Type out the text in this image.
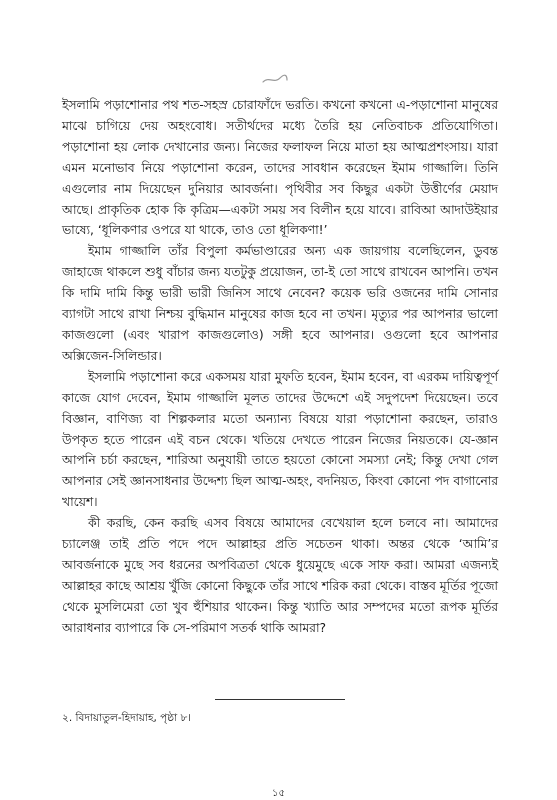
ইসলামি পড়াশোনার পথ শত-সহস্র চোরাফাঁদে ভরতি। কখনো কখনো এ-পড়াশোনা মানুষের মাঝে চাগিয়ে দেয় অহংবোধ। সতীর্থদের মধ্যে তৈরি হয় নেতিবাচক প্রতিযোগিতা। পড়াশোনা হয় লোক দেখানোর জন্য। নিজের ফলাফল নিয়ে মাতা হয় আত্মপ্রশংসায়। যারা এমন মনোভাব নিয়ে পড়াশোনা করেন, তাদের সাবধান করেছেন ইমাম গাজ্জালি। তিনি এগুলোর নাম দিয়েছেন দুনিয়ার আবর্জনা। পৃথিবীর সব কিছুর একটা উত্তীর্ণের মেয়াদ আছে। প্রাকৃতিক হোক কি কৃত্রিম—একটা সময় সব বিলীন হয়ে যাবে। রাবিআ আদাউইয়ার ভাষ্যে, ‘ধূলিকণার ওপরে যা থাকে, তাও তো ধূলিকণা!’

ইমাম গাজ্জালি তাঁর বিপুলা কর্মভাণ্ডারের অন্য এক জায়গায় বলেছিলেন, ডুবন্ত জাহাজে থাকলে শুধু বাঁচার জন্য যতটুকু প্রয়োজন, তা-ই তো সাথে রাখবেন আপনি। তখন কি দামি দামি কিন্তু ভারী ভারী জিনিস সাথে নেবেন? কয়েক ভরি ওজনের দামি সোনার ব্যাগটা সাথে রাখা নিশ্চয় বুদ্ধিমান মানুষের কাজ হবে না তখন। মৃত্যুর পর আপনার ভালো কাজগুলো (এবং খারাপ কাজগুলোও) সঙ্গী হবে আপনার। ওগুলো হবে আপনার অক্সিজেন-সিলিন্ডার।

ইসলামি পড়াশোনা করে একসময় যারা মুফতি হবেন, ইমাম হবেন, বা এরকম দায়িত্বপূর্ণ কাজে যোগ দেবেন, ইমাম গাজ্জালি মূলত তাদের উদ্দেশে এই সদুপদেশ দিয়েছেন। তবে বিজ্ঞান, বাণিজ্য বা শিল্পকলার মতো অন্যান্য বিষয়ে যারা পড়াশোনা করছেন, তারাও উপকৃত হতে পারেন এই বচন থেকে। খতিয়ে দেখতে পারেন নিজের নিয়তকে। যে-জ্ঞান আপনি চর্চা করছেন, শারিআ অনুযায়ী তাতে হয়তো কোনো সমস্যা নেই; কিন্তু দেখা গেল আপনার সেই জ্ঞানসাধনার উদ্দেশ্য ছিল আত্ম-অহং, বদনিয়ত, কিংবা কোনো পদ বাগানোর খায়েশ।

কী করছি, কেন করছি এসব বিষয়ে আমাদের বেখেয়াল হলে চলবে না। আমাদের চ্যালেঞ্জ তাই প্রতি পদে পদে আল্লাহর প্রতি সচেতন থাকা। অন্তর থেকে ‘আমি’র আবর্জনাকে মুছে সব ধরনের অপবিত্রতা থেকে ধুয়েমুছে একে সাফ করা। আমরা এজন্যই আল্লাহর কাছে আশ্রয় খুঁজি কোনো কিছুকে তাঁর সাথে শরিক করা থেকে। বাস্তব মূর্তির পূজো থেকে মুসলিমেরা তো খুব হুঁশিয়ার থাকেন। কিন্তু খ্যাতি আর সম্পদের মতো রূপক মূর্তির আরাধনার ব্যাপারে কি সে-পরিমাণ সতর্ক থাকি আমরা?

২. বিদায়াতুল-হিদায়াহ, পৃষ্ঠা ৮।
১৫
